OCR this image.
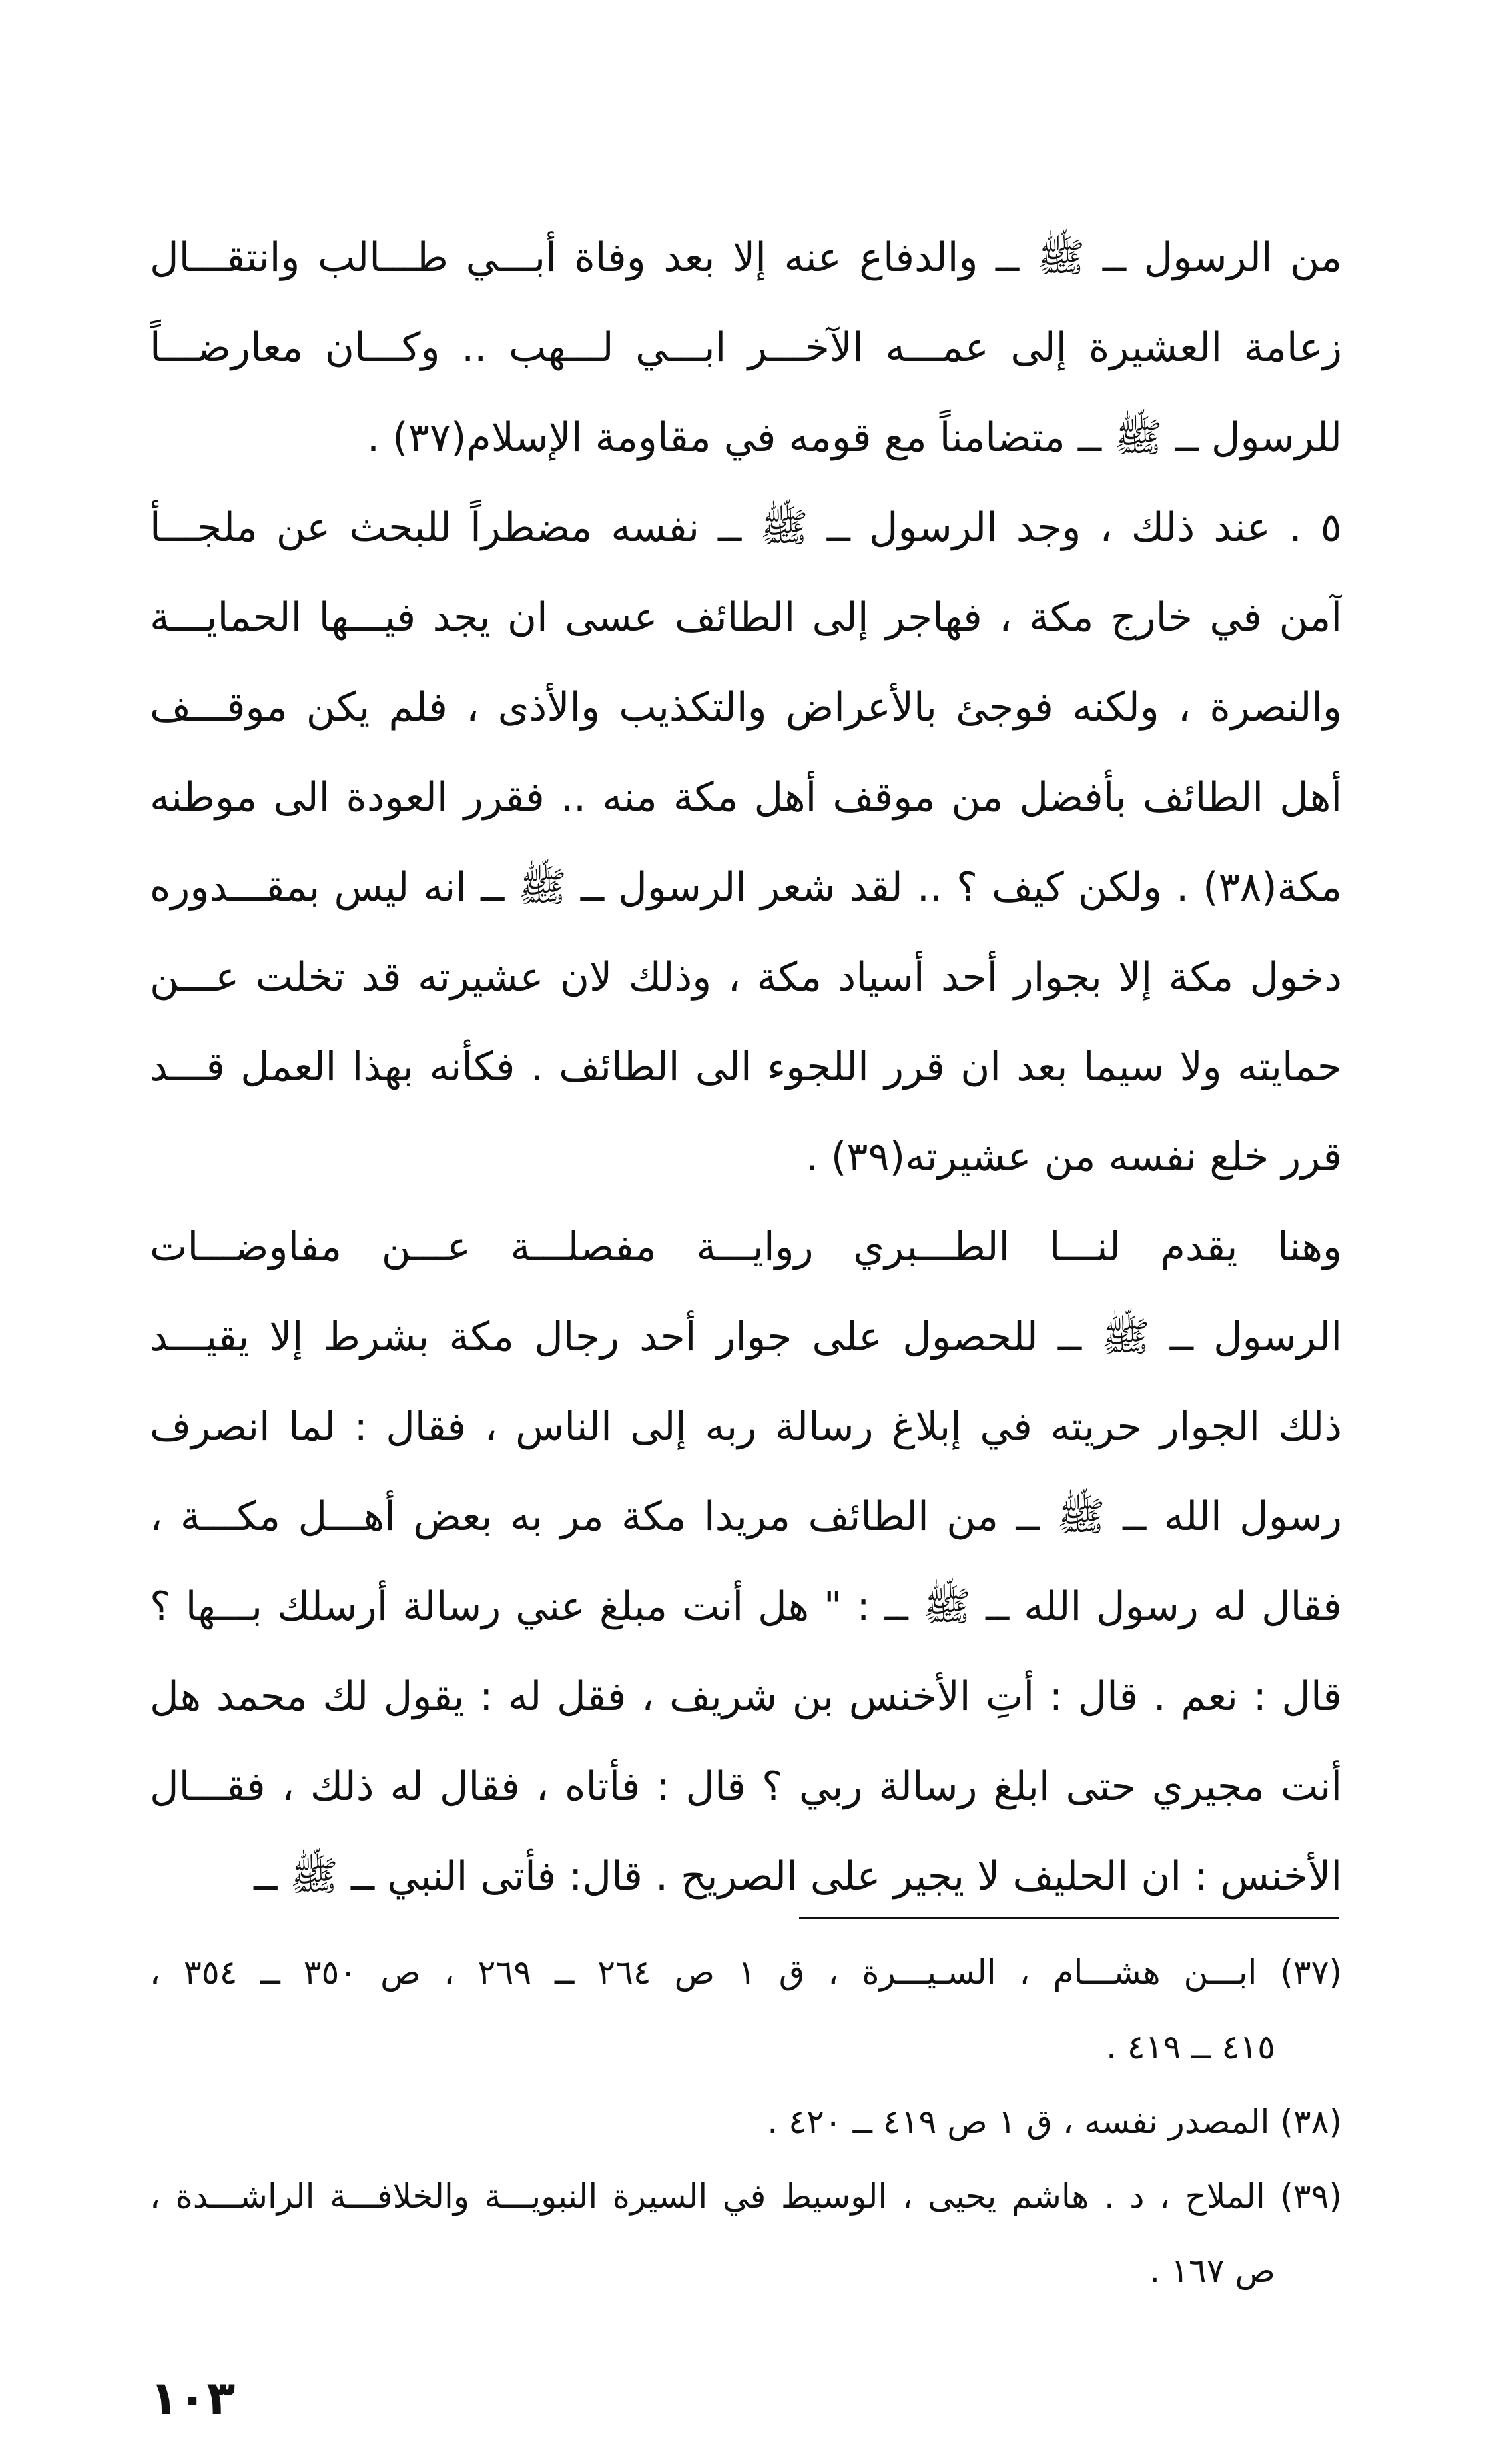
من الرسول ــ ﷺ ــ والدفاع عنه إلا بعد وفاة أبـــي طـــالب وانتقـــال
زعامة العشيرة إلى عمـــه الآخـــر ابـــي لـــهب .. وكـــان معارضـــاً
للرسول ــ ﷺ ــ متضامناً مع قومه في مقاومة الإسلام(٣٧) .
٥ . عند ذلك ، وجد الرسول ــ ﷺ ــ نفسه مضطراً للبحث عن ملجـــأ
آمن في خارج مكة ، فهاجر إلى الطائف عسى ان يجد فيـــها الحمايـــة
والنصرة ، ولكنه فوجئ بالأعراض والتكذيب والأذى ، فلم يكن موقـــف
أهل الطائف بأفضل من موقف أهل مكة منه .. فقرر العودة الى موطنه
مكة(٣٨) . ولكن كيف ؟ .. لقد شعر الرسول ــ ﷺ ــ انه ليس بمقـــدوره
دخول مكة إلا بجوار أحد أسياد مكة ، وذلك لان عشيرته قد تخلت عـــن
حمايته ولا سيما بعد ان قرر اللجوء الى الطائف . فكأنه بهذا العمل قـــد
قرر خلع نفسه من عشيرته(٣٩) .
وهنا يقدم لنـــا الطـــبري روايـــة مفصلـــة عـــن مفاوضـــات
الرسول ــ ﷺ ــ للحصول على جوار أحد رجال مكة بشرط إلا يقيـــد
ذلك الجوار حريته في إبلاغ رسالة ربه إلى الناس ، فقال : لما انصرف
رسول الله ــ ﷺ ــ من الطائف مريدا مكة مر به بعض أهـــل مكـــة ،
فقال له رسول الله ــ ﷺ ــ : " هل أنت مبلغ عني رسالة أرسلك بـــها ؟
قال : نعم . قال : أتِ الأخنس بن شريف ، فقل له : يقول لك محمد هل
أنت مجيري حتى ابلغ رسالة ربي ؟ قال : فأتاه ، فقال له ذلك ، فقـــال
الأخنس : ان الحليف لا يجير على الصريح . قال: فأتى النبي ــ ﷺ ــ
(٣٧) ابـــن هشـــام ، السـيـــرة ، ق ١ ص ٢٦٤ ــ ٢٦٩ ، ص ٣٥٠ ــ ٣٥٤ ،
٤١٥ ــ ٤١٩ .
(٣٨) المصدر نفسه ، ق ١ ص ٤١٩ ــ ٤٢٠ .
(٣٩) الملاح ، د . هاشم يحيى ، الوسيط في السيرة النبويـــة والخلافـــة الراشـــدة ،
ص ١٦٧ .
١٠٣
